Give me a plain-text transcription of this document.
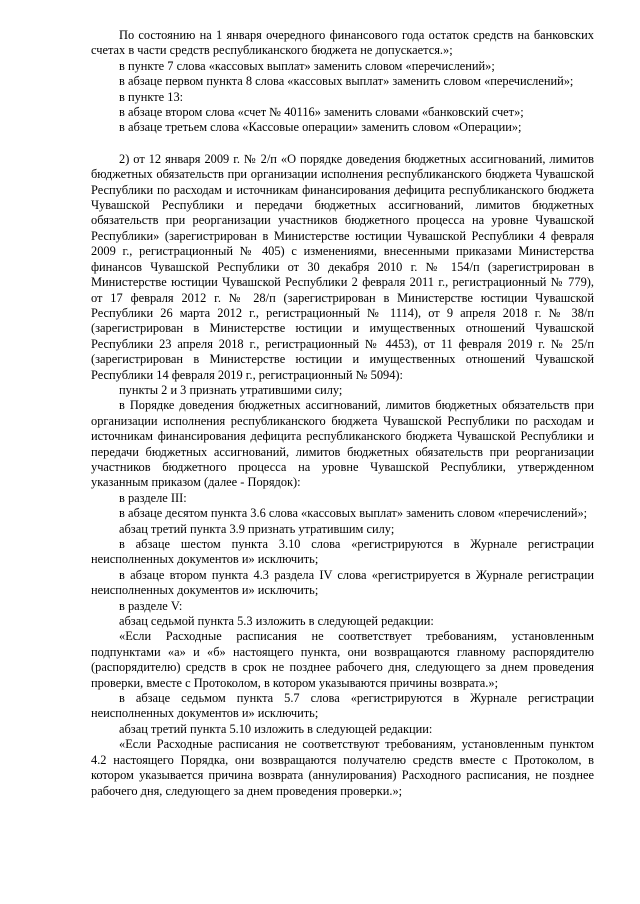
По состоянию на 1 января очередного финансового года остаток средств на банковских счетах в части средств республиканского бюджета не допускается.»;

в пункте 7 слова «кассовых выплат» заменить словом «перечислений»;

в абзаце первом пункта 8 слова «кассовых выплат» заменить словом «перечислений»;

в пункте 13:

в абзаце втором слова «счет № 40116» заменить словами «банковский счет»;

в абзаце третьем слова «Кассовые операции» заменить словом «Операции»;

2) от 12 января 2009 г. № 2/п «О порядке доведения бюджетных ассигнований, лимитов бюджетных обязательств при организации исполнения республиканского бюджета Чувашской Республики по расходам и источникам финансирования дефицита республиканского бюджета Чувашской Республики и передачи бюджетных ассигнований, лимитов бюджетных обязательств при реорганизации участников бюджетного процесса на уровне Чувашской Республики» (зарегистрирован в Министерстве юстиции Чувашской Республики 4 февраля 2009 г., регистрационный № 405) с изменениями, внесенными приказами Министерства финансов Чувашской Республики от 30 декабря 2010 г. № 154/п (зарегистрирован в Министерстве юстиции Чувашской Республики 2 февраля 2011 г., регистрационный № 779), от 17 февраля 2012 г. № 28/п (зарегистрирован в Министерстве юстиции Чувашской Республики 26 марта 2012 г., регистрационный № 1114), от 9 апреля 2018 г. № 38/п (зарегистрирован в Министерстве юстиции и имущественных отношений Чувашской Республики 23 апреля 2018 г., регистрационный № 4453), от 11 февраля 2019 г. № 25/п (зарегистрирован в Министерстве юстиции и имущественных отношений Чувашской Республики 14 февраля 2019 г., регистрационный № 5094):

пункты 2 и 3 признать утратившими силу;

в Порядке доведения бюджетных ассигнований, лимитов бюджетных обязательств при организации исполнения республиканского бюджета Чувашской Республики по расходам и источникам финансирования дефицита республиканского бюджета Чувашской Республики и передачи бюджетных ассигнований, лимитов бюджетных обязательств при реорганизации участников бюджетного процесса на уровне Чувашской Республики, утвержденном указанным приказом (далее - Порядок):

в разделе III:

в абзаце десятом пункта 3.6 слова «кассовых выплат» заменить словом «перечислений»;

абзац третий пункта 3.9 признать утратившим силу;

в абзаце шестом пункта 3.10 слова «регистрируются в Журнале регистрации неисполненных документов и» исключить;

в абзаце втором пункта 4.3 раздела IV слова «регистрируется в Журнале регистрации неисполненных документов и» исключить;

в разделе V:

абзац седьмой пункта 5.3 изложить в следующей редакции:

«Если Расходные расписания не соответствует требованиям, установленным подпунктами «а» и «б» настоящего пункта, они возвращаются главному распорядителю (распорядителю) средств в срок не позднее рабочего дня, следующего за днем проведения проверки, вместе с Протоколом, в котором указываются причины возврата.»;

в абзаце седьмом пункта 5.7 слова «регистрируются в Журнале регистрации неисполненных документов и» исключить;

абзац третий пункта 5.10 изложить в следующей редакции:

«Если Расходные расписания не соответствуют требованиям, установленным пунктом 4.2 настоящего Порядка, они возвращаются получателю средств вместе с Протоколом, в котором указывается причина возврата (аннулирования) Расходного расписания, не позднее рабочего дня, следующего за днем проведения проверки.»;
